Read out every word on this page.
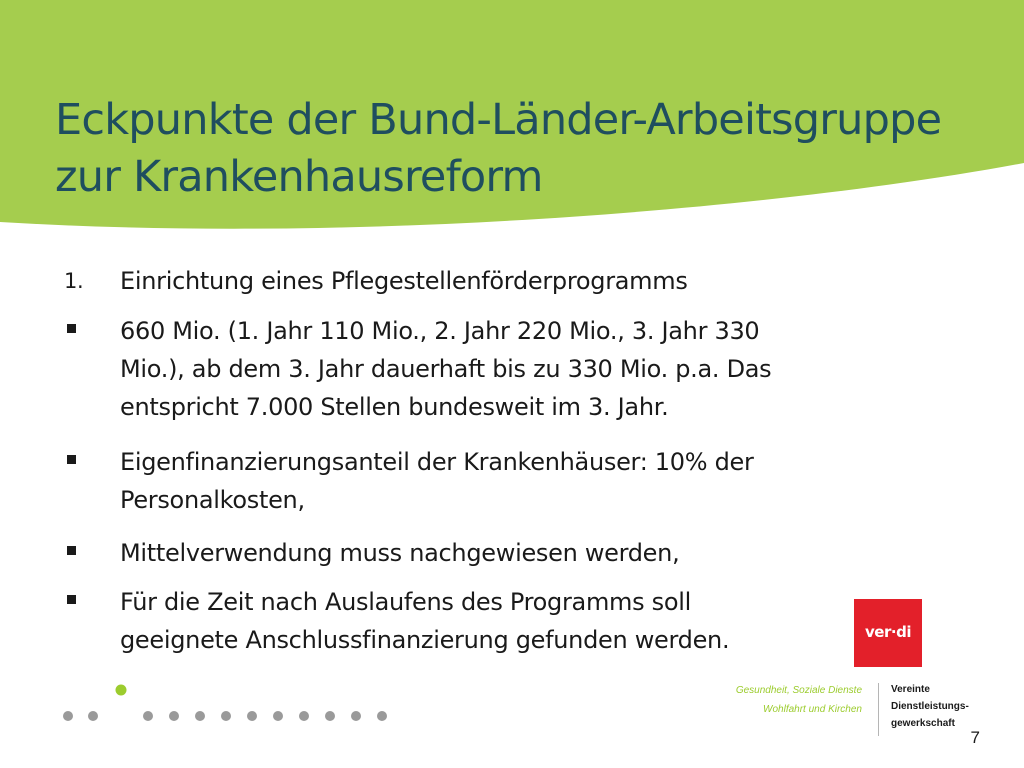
Eckpunkte der Bund-Länder-Arbeitsgruppe
zur Krankenhausreform
1.	Einrichtung eines Pflegestellenförderprogramms
660 Mio. (1. Jahr 110 Mio., 2. Jahr 220 Mio., 3. Jahr 330
Mio.), ab dem 3. Jahr dauerhaft bis zu 330 Mio. p.a. Das
entspricht 7.000 Stellen bundesweit im 3. Jahr.
Eigenfinanzierungsanteil der Krankenhäuser: 10% der
Personalkosten,
Mittelverwendung muss nachgewiesen werden,
Für die Zeit nach Auslaufens des Programms soll
geeignete Anschlussfinanzierung gefunden werden.	ver·di
Gesundheit, Soziale Dienste
Wohlfahrt und Kirchen
Vereinte
Dienstleistungs-
gewerkschaft
7
